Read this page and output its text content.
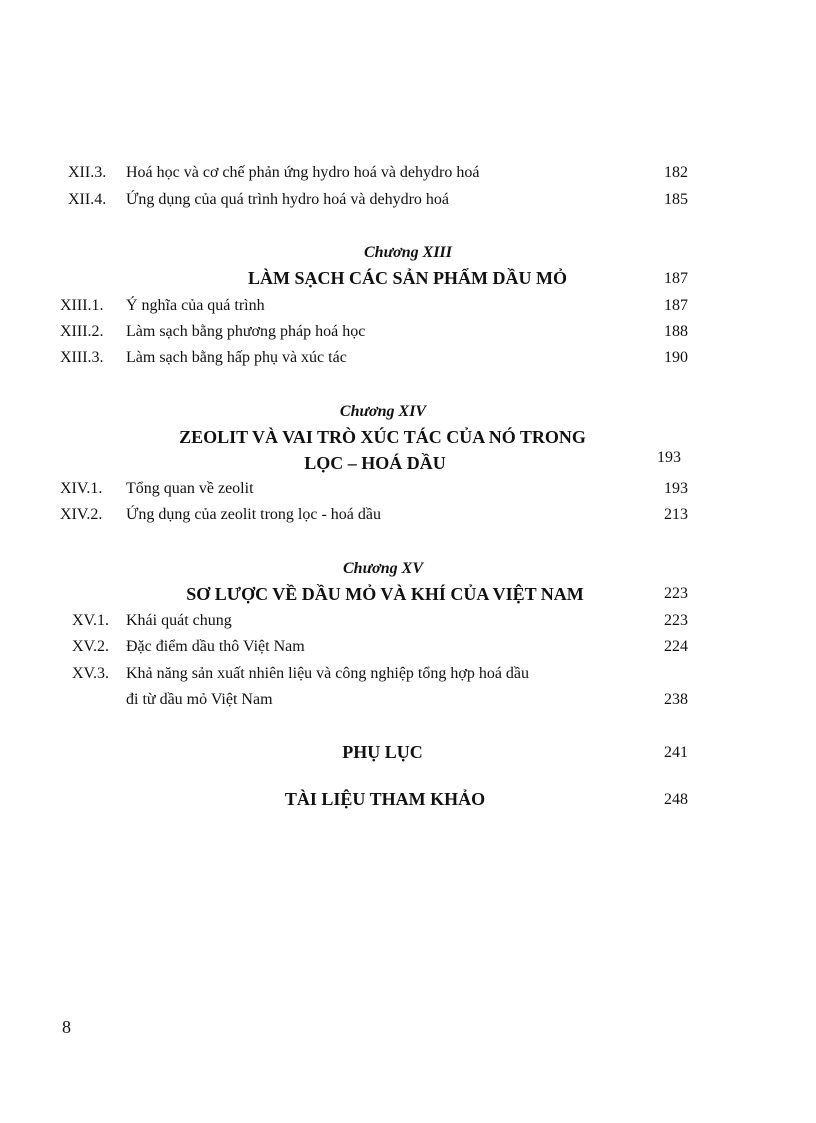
XII.3. Hoá học và cơ chế phản ứng hydro hoá và dehydro hoá	182
XII.4. Ứng dụng của quá trình hydro hoá và dehydro hoá	185
Chương XIII
LÀM SẠCH CÁC SẢN PHẨM DẦU MỎ	187
XIII.1. Ý nghĩa của quá trình	187
XIII.2. Làm sạch bằng phương pháp hoá học	188
XIII.3. Làm sạch bằng hấp phụ và xúc tác	190
Chương XIV
ZEOLIT VÀ VAI TRÒ XÚC TÁC CỦA NÓ TRONG
LỌC – HOÁ DẦU	193
XIV.1. Tổng quan về zeolit	193
XIV.2. Ứng dụng của zeolit trong lọc - hoá dầu	213
Chương XV
SƠ LƯỢC VỀ DẦU MỎ VÀ KHÍ CỦA VIỆT NAM	223
XV.1. Khái quát chung	223
XV.2. Đặc điểm dầu thô Việt Nam	224
XV.3. Khả năng sản xuất nhiên liệu và công nghiệp tổng hợp hoá dầu
đi từ dầu mỏ Việt Nam	238
PHỤ LỤC	241
TÀI LIỆU THAM KHẢO	248
8
